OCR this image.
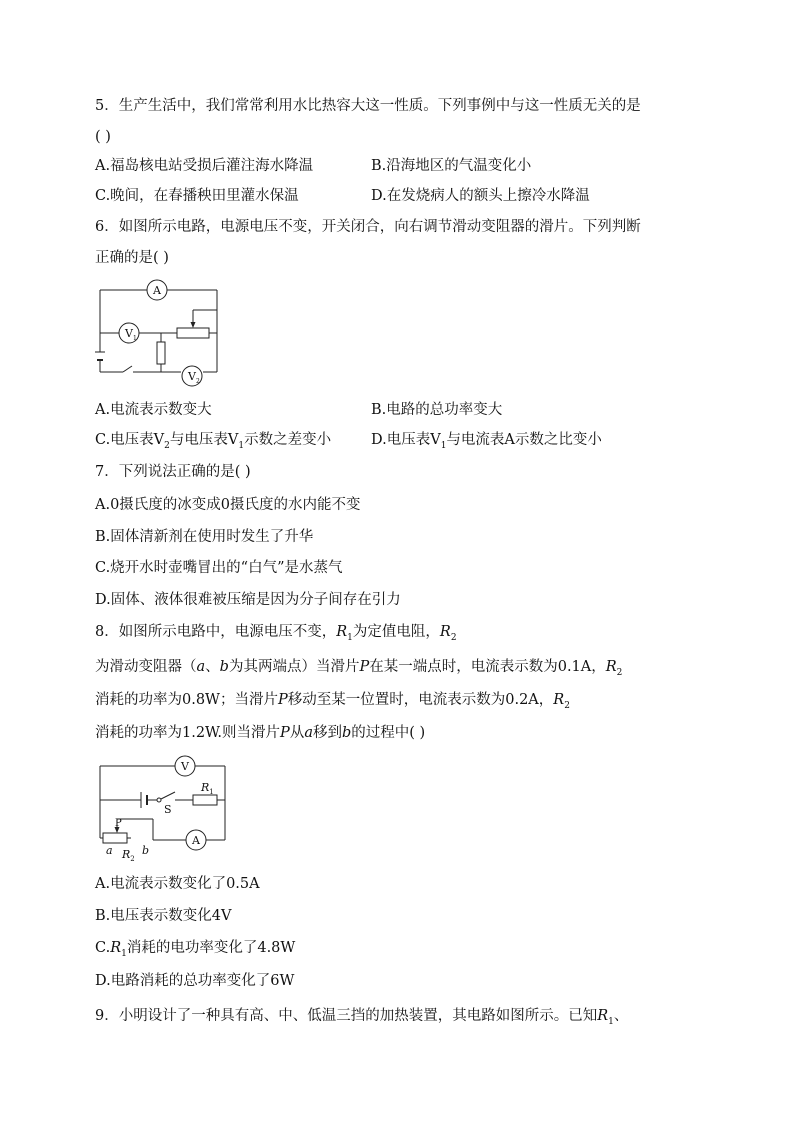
5．生产生活中，我们常常利用水比热容大这一性质。下列事例中与这一性质无关的是
( )
A.福岛核电站受损后灌注海水降温	B.沿海地区的气温变化小
C.晚间，在春播秧田里灌水保温	D.在发烧病人的额头上擦冷水降温
6．如图所示电路，电源电压不变，开关闭合，向右调节滑动变阻器的滑片。下列判断
正确的是( )
A
$V_1$
$V_2$
A.电流表示数变大	B.电路的总功率变大
C.电压表$V_2$与电压表$V_1$示数之差变小	D.电压表$V_1$与电流表A示数之比变小
7．下列说法正确的是( )
A.0摄氏度的冰变成0摄氏度的水内能不变
B.固体清新剂在使用时发生了升华
C.烧开水时壶嘴冒出的“白气”是水蒸气
D.固体、液体很难被压缩是因为分子间存在引力
8．如图所示电路中，电源电压不变，$R_1$为定值电阻，$R_2$
为滑动变阻器（a、b为其两端点）当滑片P在某一端点时，电流表示数为0.1A，$R_2$
消耗的功率为0.8W；当滑片P移动至某一位置时，电流表示数为0.2A，$R_2$
消耗的功率为1.2W.则当滑片P从a移到b的过程中( )
V
A
S
$R_1$
P
a	b
$R_2$
A.电流表示数变化了0.5A
B.电压表示数变化4V
$C.R_1$消耗的电功率变化了4.8W
D.电路消耗的总功率变化了6W
9．小明设计了一种具有高、中、低温三挡的加热装置，其电路如图所示。已知$R_1$、
